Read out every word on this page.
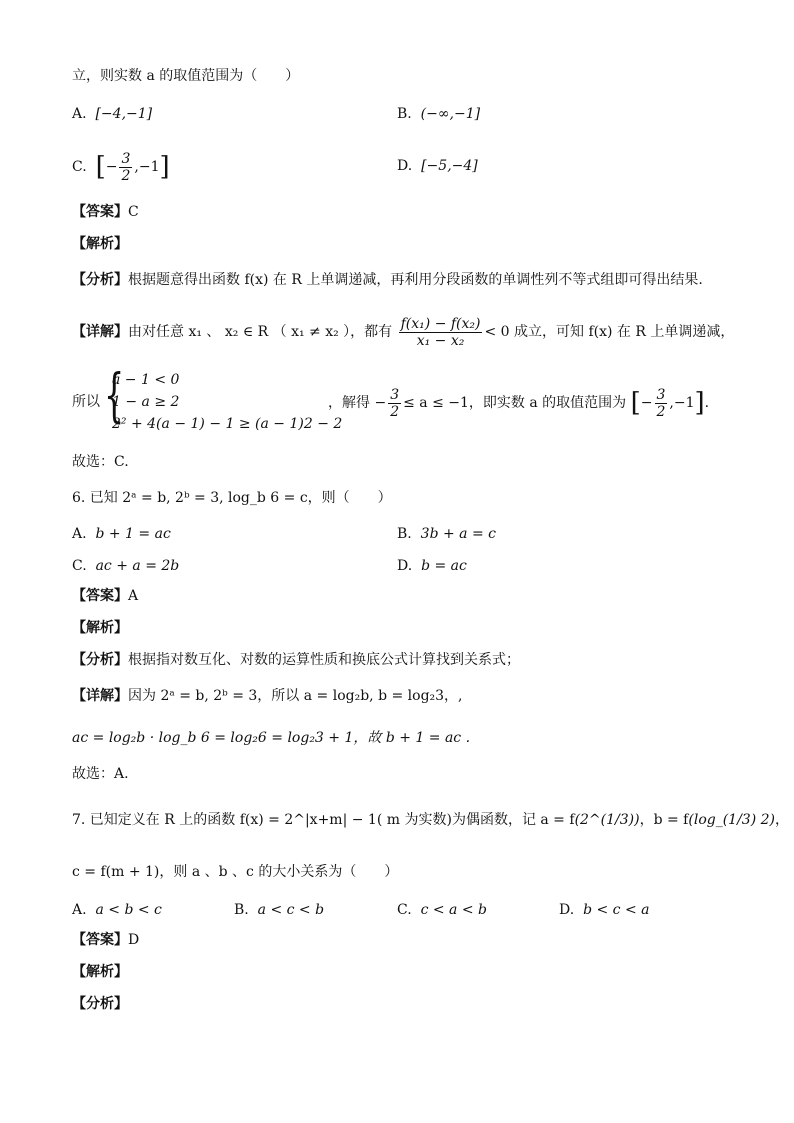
立，则实数 a 的取值范围为（　　）
A. [−4,−1]	B. (−∞,−1]
C. [− $\frac{3}{2} ,-1$]	D. [−5,−4]
【答案】C
【解析】
【分析】根据题意得出函数 f(x) 在 R 上单调递减，再利用分段函数的单调性列不等式组即可得出结果.
【详解】由对任意 x₁ 、 x₂ ∈ R （ x₁ ≠ x₂ ），都有 $\frac{\text{f(x₁) − f(x₂)}}{\text{x₁ − x₂}} < 0$ 成立，可知 f(x) 在 R 上单调递减，
所以 {
a − 1 < 0
1 − a ≥ 2
2² + 4(a − 1) − 1 ≥ (a − 1)2 − 2
，解得 − $\frac{3}{2} \le a \le -1$，即实数 a 的取值范围为 [− $\frac{3}{2} ,-1$].
故选：C.
6. 已知 2ᵃ = b, 2ᵇ = 3, log_b 6 = c，则（　　）
A. b + 1 = ac	B. 3b + a = c
C. ac + a = 2b	D. b = ac
【答案】A
【解析】
【分析】根据指对数互化、对数的运算性质和换底公式计算找到关系式；
【详解】因为 2ᵃ = b, 2ᵇ = 3，所以 a = log₂b, b = log₂3，,
ac = log₂b · log_b 6 = log₂6 = log₂3 + 1，故 b + 1 = ac .
故选：A.
7. 已知定义在 R 上的函数 f(x) = 2^|x+m| − 1( m 为实数)为偶函数，记 a = f(2^(1/3))，b = f(log_(1/3) 2)，
c = f(m + 1)，则 a 、b 、c 的大小关系为（　　）
A. a < b < c	B. a < c < b	C. c < a < b	D. b < c < a
【答案】D
【解析】
【分析】
